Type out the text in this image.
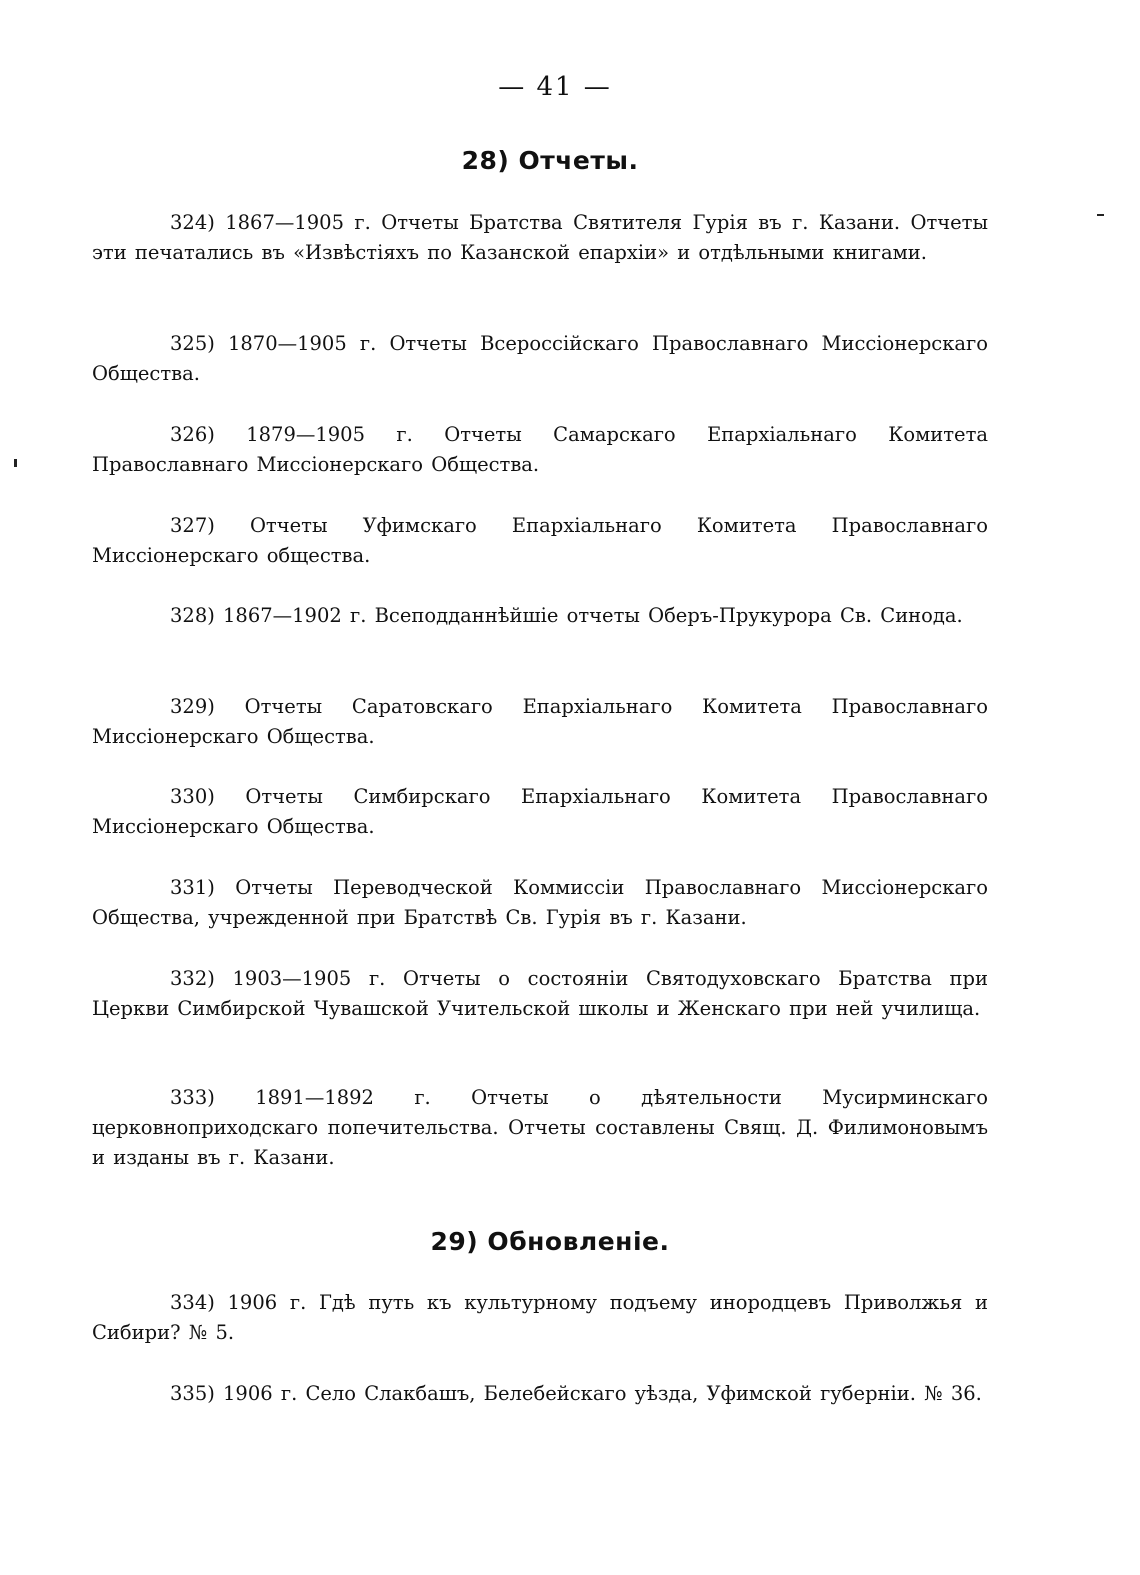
— 41 —
28) Отчеты.
324) 1867—1905 г. Отчеты Братства Святителя Гурія въ г. Казани. Отчеты эти печатались въ «Извѣстіяхъ по Казанской епархіи» и отдѣльными книгами.
325) 1870—1905 г. Отчеты Всероссійскаго Православнаго Миссіонерскаго Общества.
326) 1879—1905 г. Отчеты Самарскаго Епархіальнаго Комитета Православнаго Миссіонерскаго Общества.
327) Отчеты Уфимскаго Епархіальнаго Комитета Православнаго Миссіонерскаго общества.
328) 1867—1902 г. Всеподданнѣйшіе отчеты Оберъ-Прукурора Св. Синода.
329) Отчеты Саратовскаго Епархіальнаго Комитета Православнаго Миссіонерскаго Общества.
330) Отчеты Симбирскаго Епархіальнаго Комитета Православнаго Миссіонерскаго Общества.
331) Отчеты Переводческой Коммиссіи Православнаго Миссіонерскаго Общества, учрежденной при Братствѣ Св. Гурія въ г. Казани.
332) 1903—1905 г. Отчеты о состояніи Святодуховскаго Братства при Церкви Симбирской Чувашской Учительской школы и Женскаго при ней училища.
333) 1891—1892 г. Отчеты о дѣятельности Мусирминскаго церковноприходскаго попечительства. Отчеты составлены Свящ. Д. Филимоновымъ и изданы въ г. Казани.
29) Обновленіе.
334) 1906 г. Гдѣ путь къ культурному подъему инородцевъ Приволжья и Сибири? № 5.
335) 1906 г. Село Слакбашъ, Белебейскаго уѣзда, Уфимской губерніи. № 36.
